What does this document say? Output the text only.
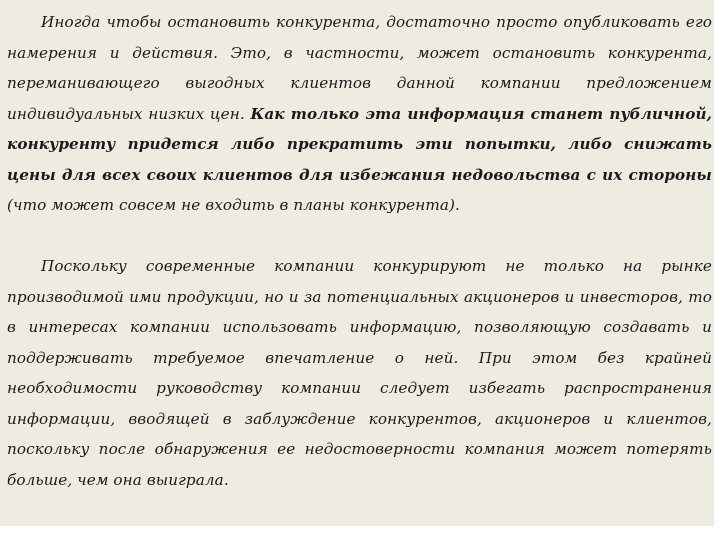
Иногда чтобы остановить конкурента, достаточно просто опубликовать его намерения и действия. Это, в частности, может остановить конкурента, переманивающего выгодных клиентов данной компании предложением индивидуальных низких цен. Как только эта информация станет публичной, конкуренту придется либо прекратить эти попытки, либо снижать цены для всех своих клиентов для избежания недовольства с их стороны (что может совсем не входить в планы конкурента).

Поскольку современные компании конкурируют не только на рынке производимой ими продукции, но и за потенциальных акционеров и инвесторов, то в интересах компании использовать информацию, позволяющую создавать и поддерживать требуемое впечатление о ней. При этом без крайней необходимости руководству компании следует избегать распространения информации, вводящей в заблуждение конкурентов, акционеров и клиентов, поскольку после обнаружения ее недостоверности компания может потерять больше, чем она выиграла.
